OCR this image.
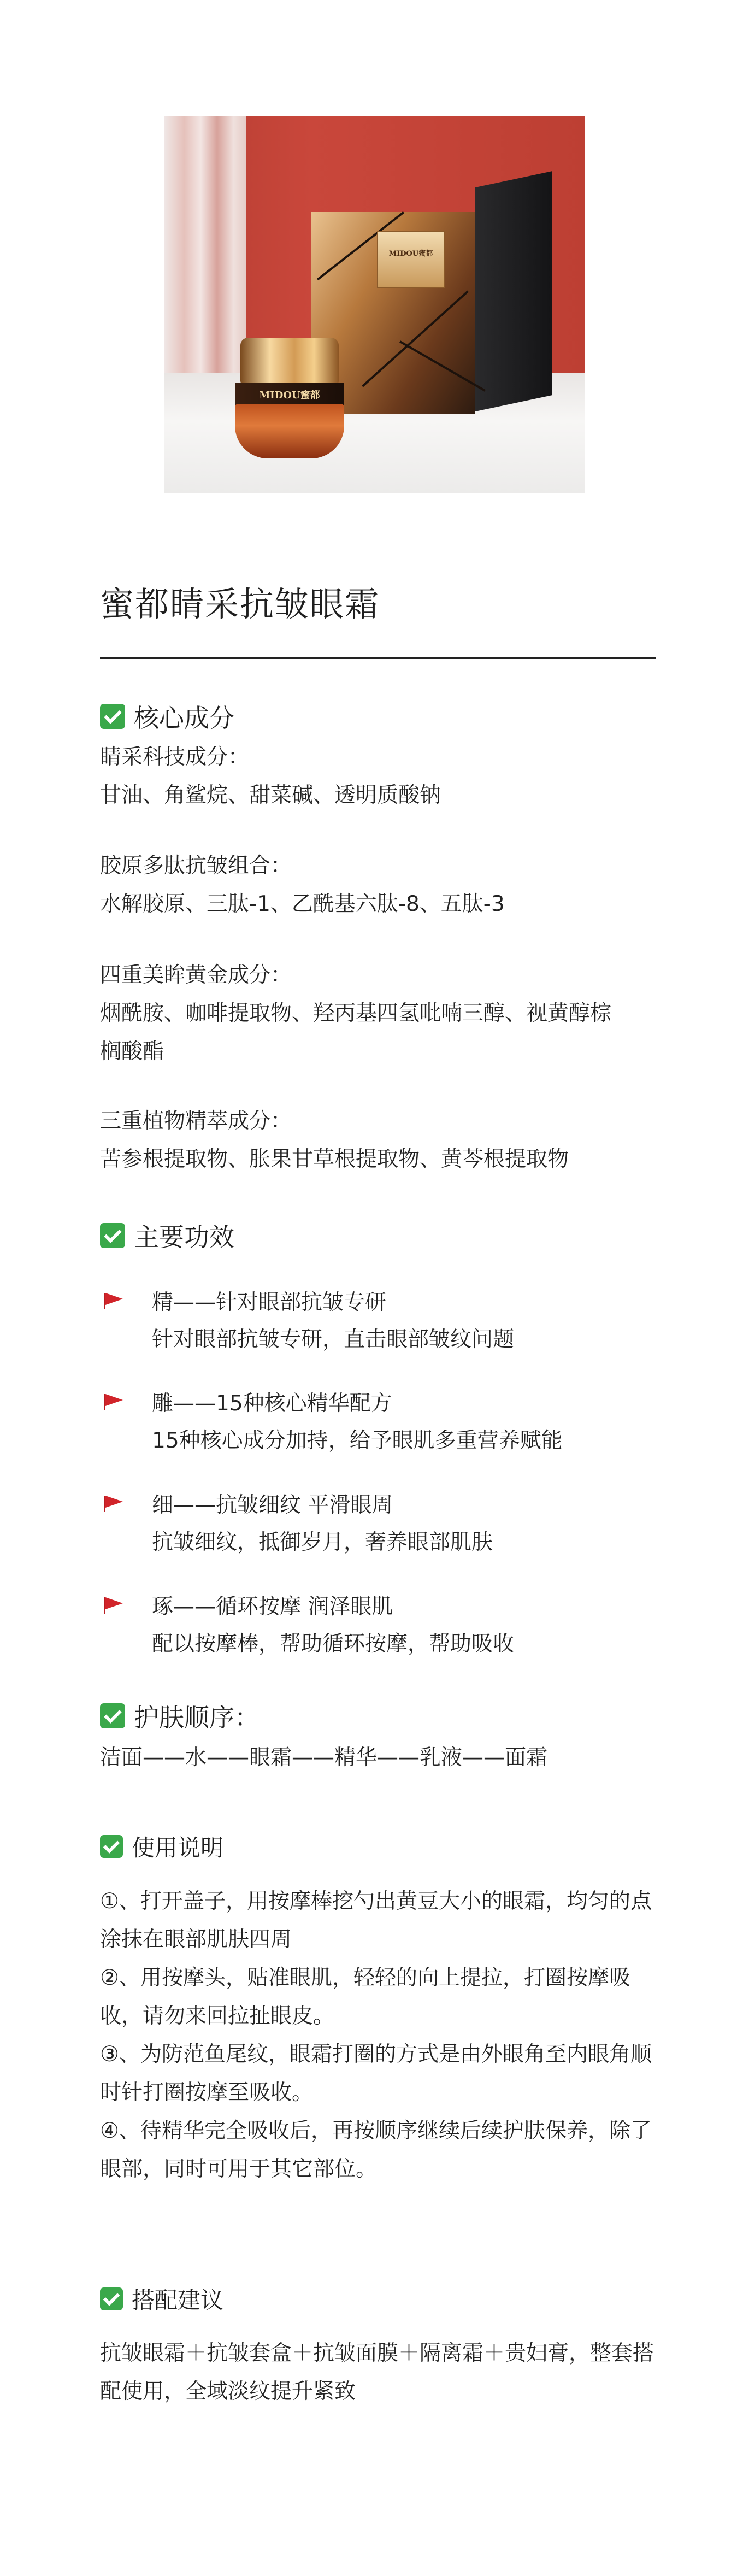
MIDOU蜜都
MIDOU蜜都
蜜都睛采抗皱眼霜
核心成分

睛采科技成分：

甘油、角鲨烷、甜菜碱、透明质酸钠

胶原多肽抗皱组合：

水解胶原、三肽-1、乙酰基六肽-8、五肽-3

四重美眸黄金成分：

烟酰胺、咖啡提取物、羟丙基四氢吡喃三醇、视黄醇棕

榈酸酯

三重植物精萃成分：

苦参根提取物、胀果甘草根提取物、黄芩根提取物

主要功效
精——针对眼部抗皱专研
针对眼部抗皱专研，直击眼部皱纹问题
雕——15种核心精华配方
15种核心成分加持，给予眼肌多重营养赋能
细——抗皱细纹 平滑眼周
抗皱细纹，抵御岁月，奢养眼部肌肤
琢——循环按摩 润泽眼肌
配以按摩棒，帮助循环按摩，帮助吸收
护肤顺序：

洁面——水——眼霜——精华——乳液——面霜

使用说明

①、打开盖子，用按摩棒挖勺出黄豆大小的眼霜，均匀的点

涂抹在眼部肌肤四周

②、用按摩头，贴准眼肌，轻轻的向上提拉，打圈按摩吸

收，请勿来回拉扯眼皮。

③、为防范鱼尾纹，眼霜打圈的方式是由外眼角至内眼角顺

时针打圈按摩至吸收。

④、待精华完全吸收后，再按顺序继续后续护肤保养，除了

眼部，同时可用于其它部位。

搭配建议

抗皱眼霜＋抗皱套盒＋抗皱面膜＋隔离霜＋贵妇膏，整套搭

配使用，全域淡纹提升紧致
